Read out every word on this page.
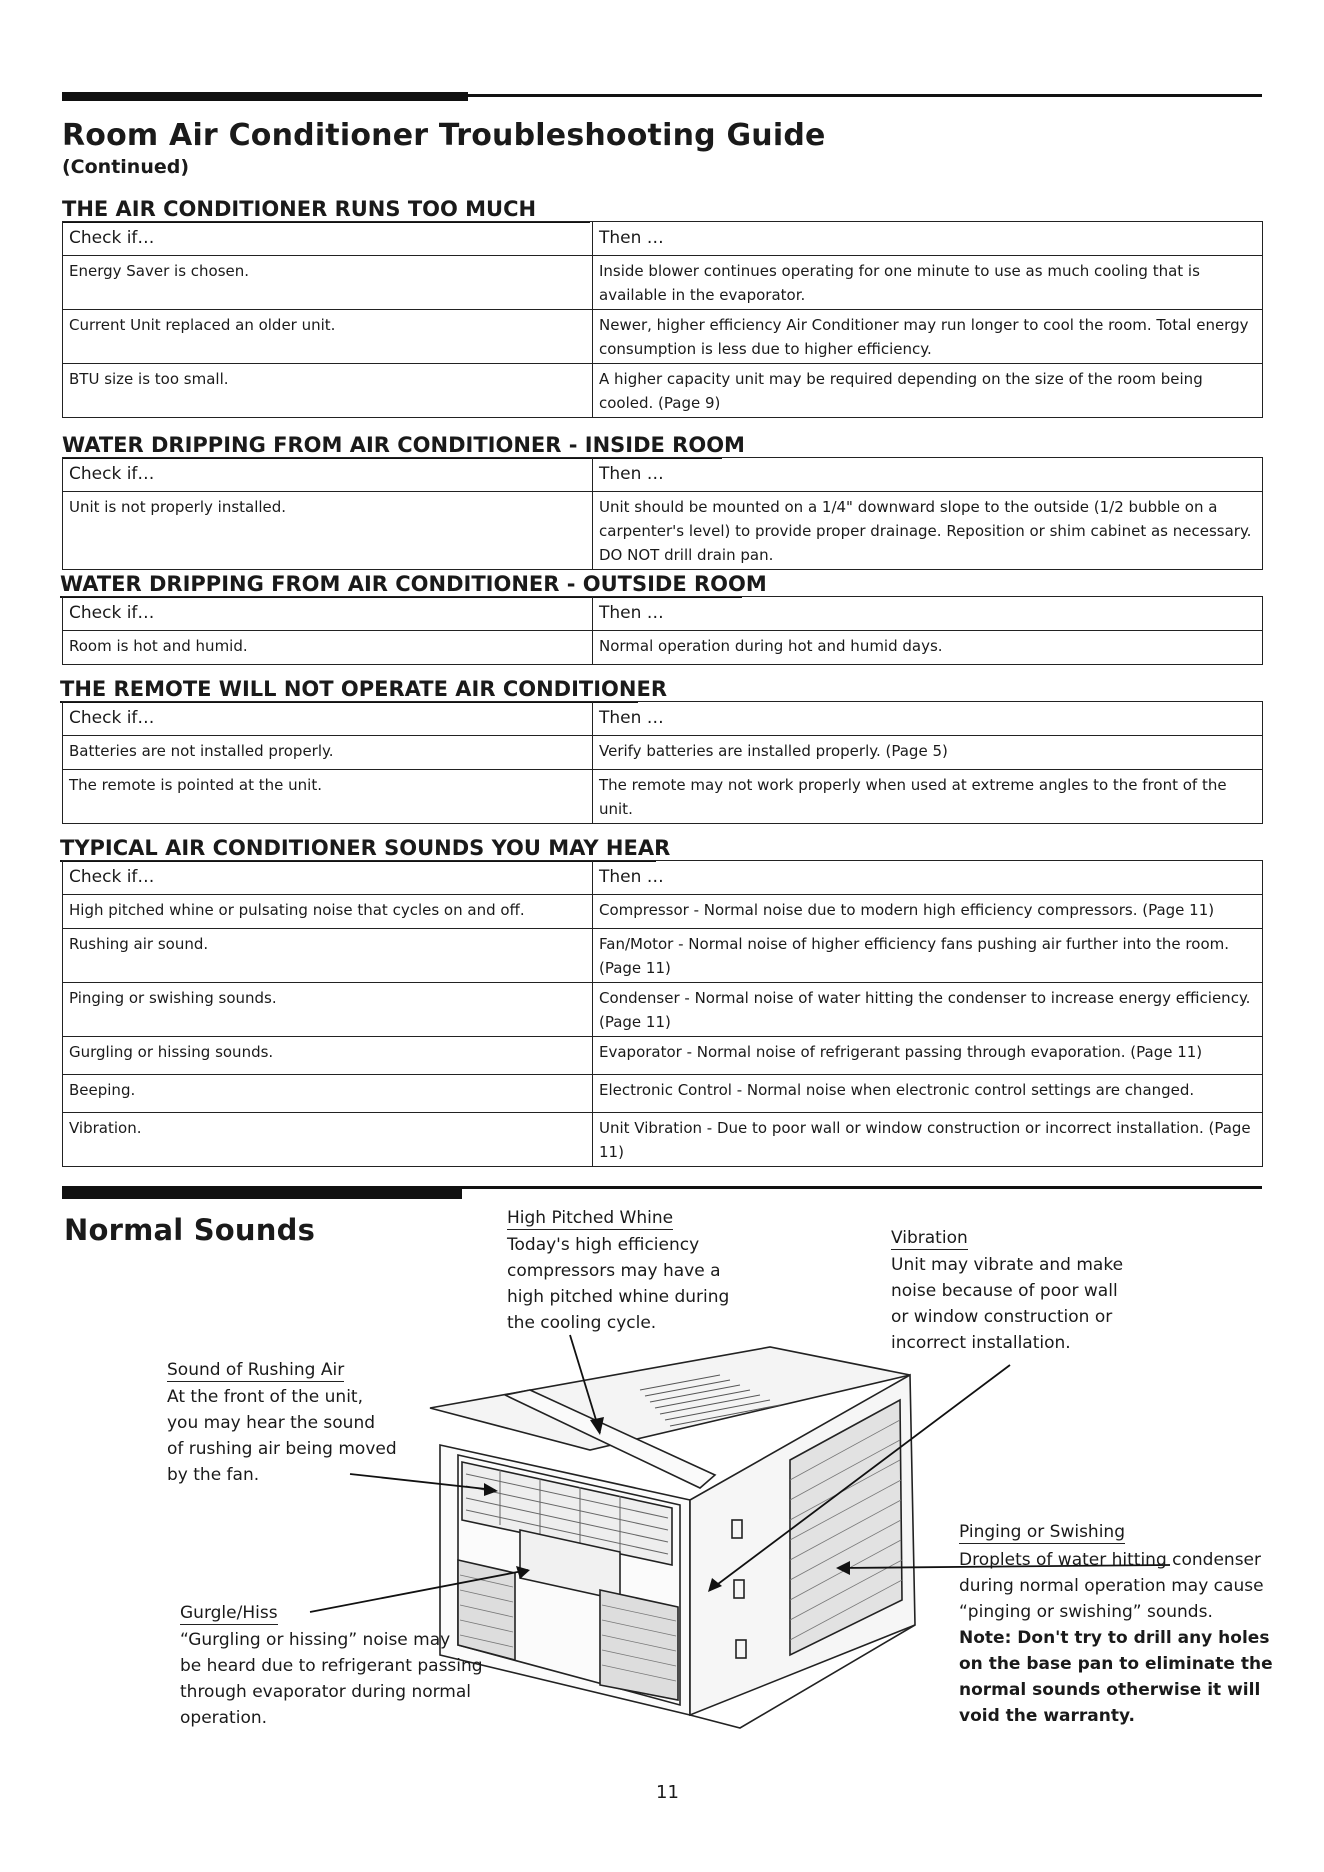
Room Air Conditioner Troubleshooting Guide
(Continued)
THE AIR CONDITIONER RUNS TOO MUCH
Check if…	Then …
Energy Saver is chosen.	Inside blower continues operating for one minute to use as much cooling that is available in the evaporator.
Current Unit replaced an older unit.	Newer, higher efficiency Air Conditioner may run longer to cool the room. Total energy consumption is less due to higher efficiency.
BTU size is too small.	A higher capacity unit may be required depending on the size of the room being cooled. (Page 9)
WATER DRIPPING FROM AIR CONDITIONER - INSIDE ROOM
Check if…	Then …
Unit is not properly installed.	Unit should be mounted on a 1/4" downward slope to the outside (1/2 bubble on a carpenter's level) to provide proper drainage. Reposition or shim cabinet as necessary. DO NOT drill drain pan.
WATER DRIPPING FROM AIR CONDITIONER - OUTSIDE ROOM
Check if…	Then …
Room is hot and humid.	Normal operation during hot and humid days.
THE REMOTE WILL NOT OPERATE AIR CONDITIONER
Check if…	Then …
Batteries are not installed properly.	Verify batteries are installed properly. (Page 5)
The remote is pointed at the unit.	The remote may not work properly when used at extreme angles to the front of the unit.
TYPICAL AIR CONDITIONER SOUNDS YOU MAY HEAR
Check if…	Then …
High pitched whine or pulsating noise that cycles on and off.	Compressor - Normal noise due to modern high efficiency compressors. (Page 11)
Rushing air sound.	Fan/Motor - Normal noise of higher efficiency fans pushing air further into the room. (Page 11)
Pinging or swishing sounds.	Condenser - Normal noise of water hitting the condenser to increase energy efficiency. (Page 11)
Gurgling or hissing sounds.	Evaporator - Normal noise of refrigerant passing through evaporation. (Page 11)
Beeping.	Electronic Control - Normal noise when electronic control settings are changed.
Vibration.	Unit Vibration - Due to poor wall or window construction or incorrect installation. (Page 11)
Normal Sounds	High Pitched Whine
Today's high efficiency
compressors may have a
high pitched whine during
the cooling cycle.
Vibration
Unit may vibrate and make
noise because of poor wall
or window construction or
incorrect installation.
Sound of Rushing Air
At the front of the unit,
you may hear the sound
of rushing air being moved
by the fan.
Pinging or Swishing
Droplets of water hitting condenser
during normal operation may cause
“pinging or swishing” sounds.
Note: Don't try to drill any holes
on the base pan to eliminate the
normal sounds otherwise it will
void the warranty.
Gurgle/Hiss
“Gurgling or hissing” noise may
be heard due to refrigerant passing
through evaporator during normal
operation.
11
